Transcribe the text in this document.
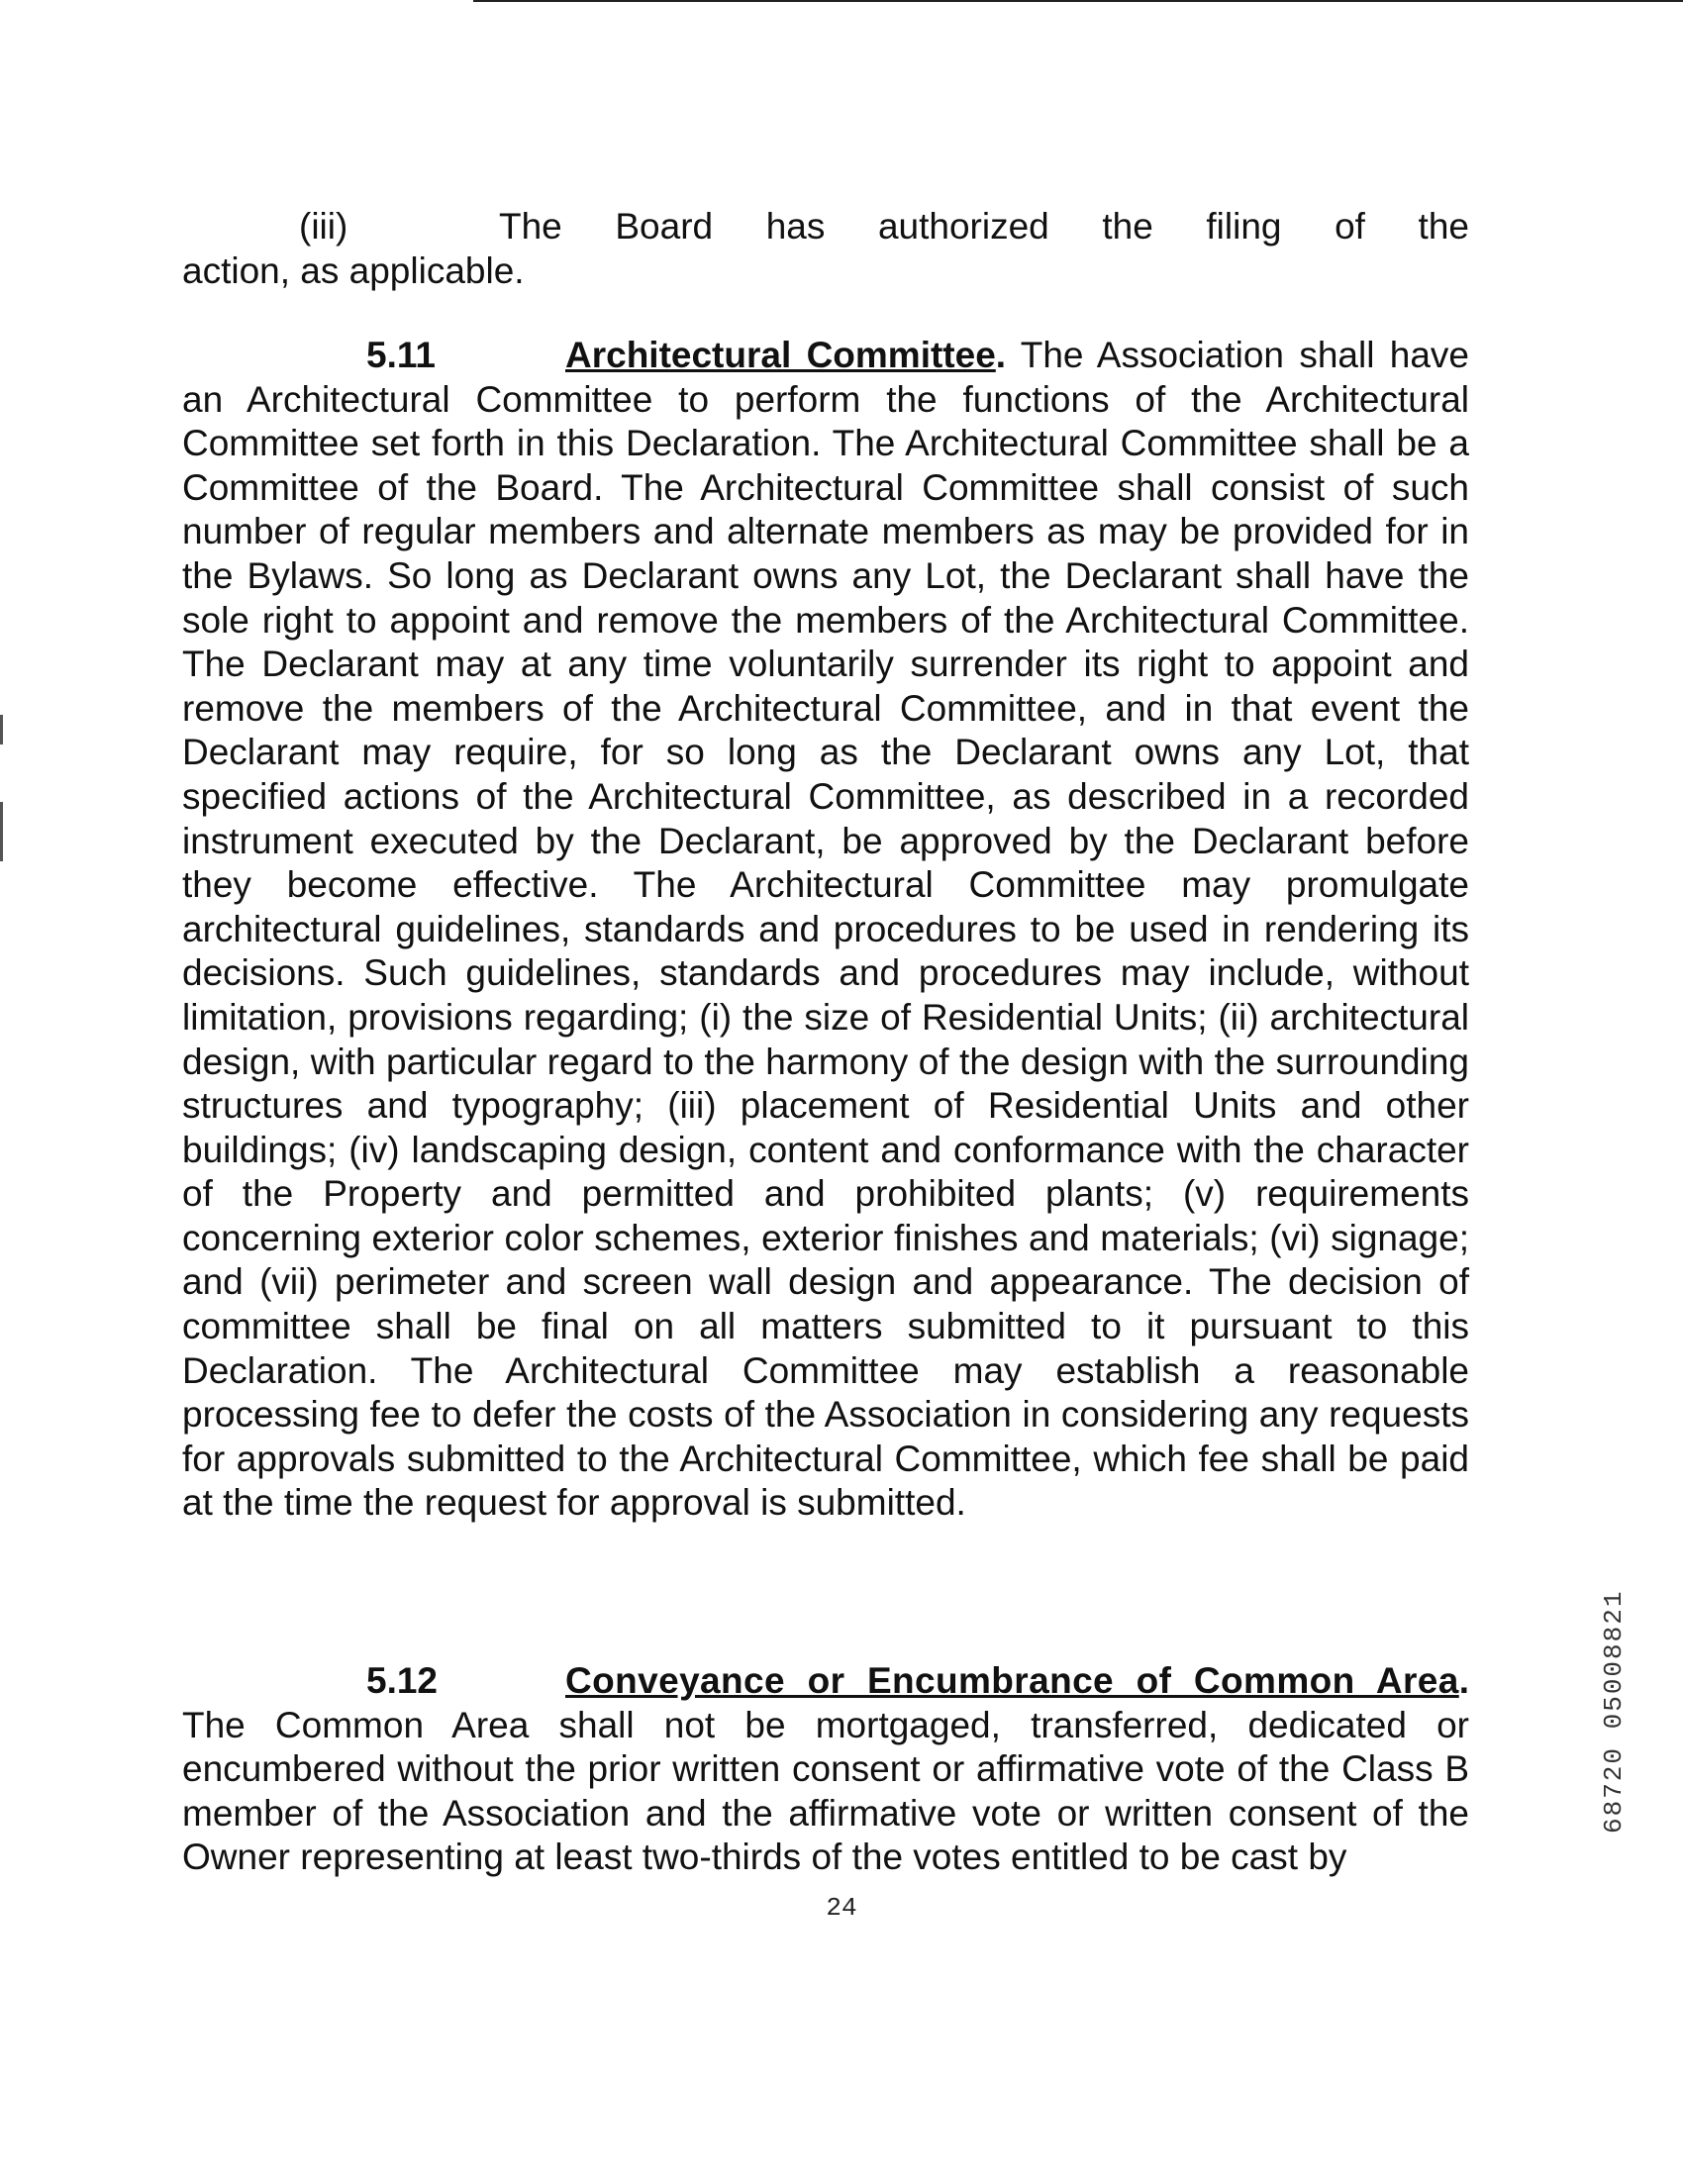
(iii)	The Board has authorized the filing of the
action, as applicable.

5.11	Architectural Committee. The Association shall have an Architectural Committee to perform the functions of the Architectural Committee set forth in this Declaration. The Architectural Committee shall be a Committee of the Board. The Architectural Committee shall consist of such number of regular members and alternate members as may be provided for in the Bylaws. So long as Declarant owns any Lot, the Declarant shall have the sole right to appoint and remove the members of the Architectural Committee. The Declarant may at any time voluntarily surrender its right to appoint and remove the members of the Architectural Committee, and in that event the Declarant may require, for so long as the Declarant owns any Lot, that specified actions of the Architectural Committee, as described in a recorded instrument executed by the Declarant, be approved by the Declarant before they become effective. The Architectural Committee may promulgate architectural guidelines, standards and procedures to be used in rendering its decisions. Such guidelines, standards and procedures may include, without limitation, provisions regarding; (i) the size of Residential Units; (ii) architectural design, with particular regard to the harmony of the design with the surrounding structures and typography; (iii) placement of Residential Units and other buildings; (iv) landscaping design, content and conformance with the character of the Property and permitted and prohibited plants; (v) requirements concerning exterior color schemes, exterior finishes and materials; (vi) signage; and (vii) perimeter and screen wall design and appearance. The decision of committee shall be final on all matters submitted to it pursuant to this Declaration. The Architectural Committee may establish a reasonable processing fee to defer the costs of the Association in considering any requests for approvals submitted to the Architectural Committee, which fee shall be paid at the time the request for approval is submitted.

5.12	Conveyance or Encumbrance of Common Area. The Common Area shall not be mortgaged, transferred, dedicated or encumbered without the prior written consent or affirmative vote of the Class B member of the Association and the affirmative vote or written consent of the Owner representing at least two-thirds of the votes entitled to be cast by

24
68720 05008821
